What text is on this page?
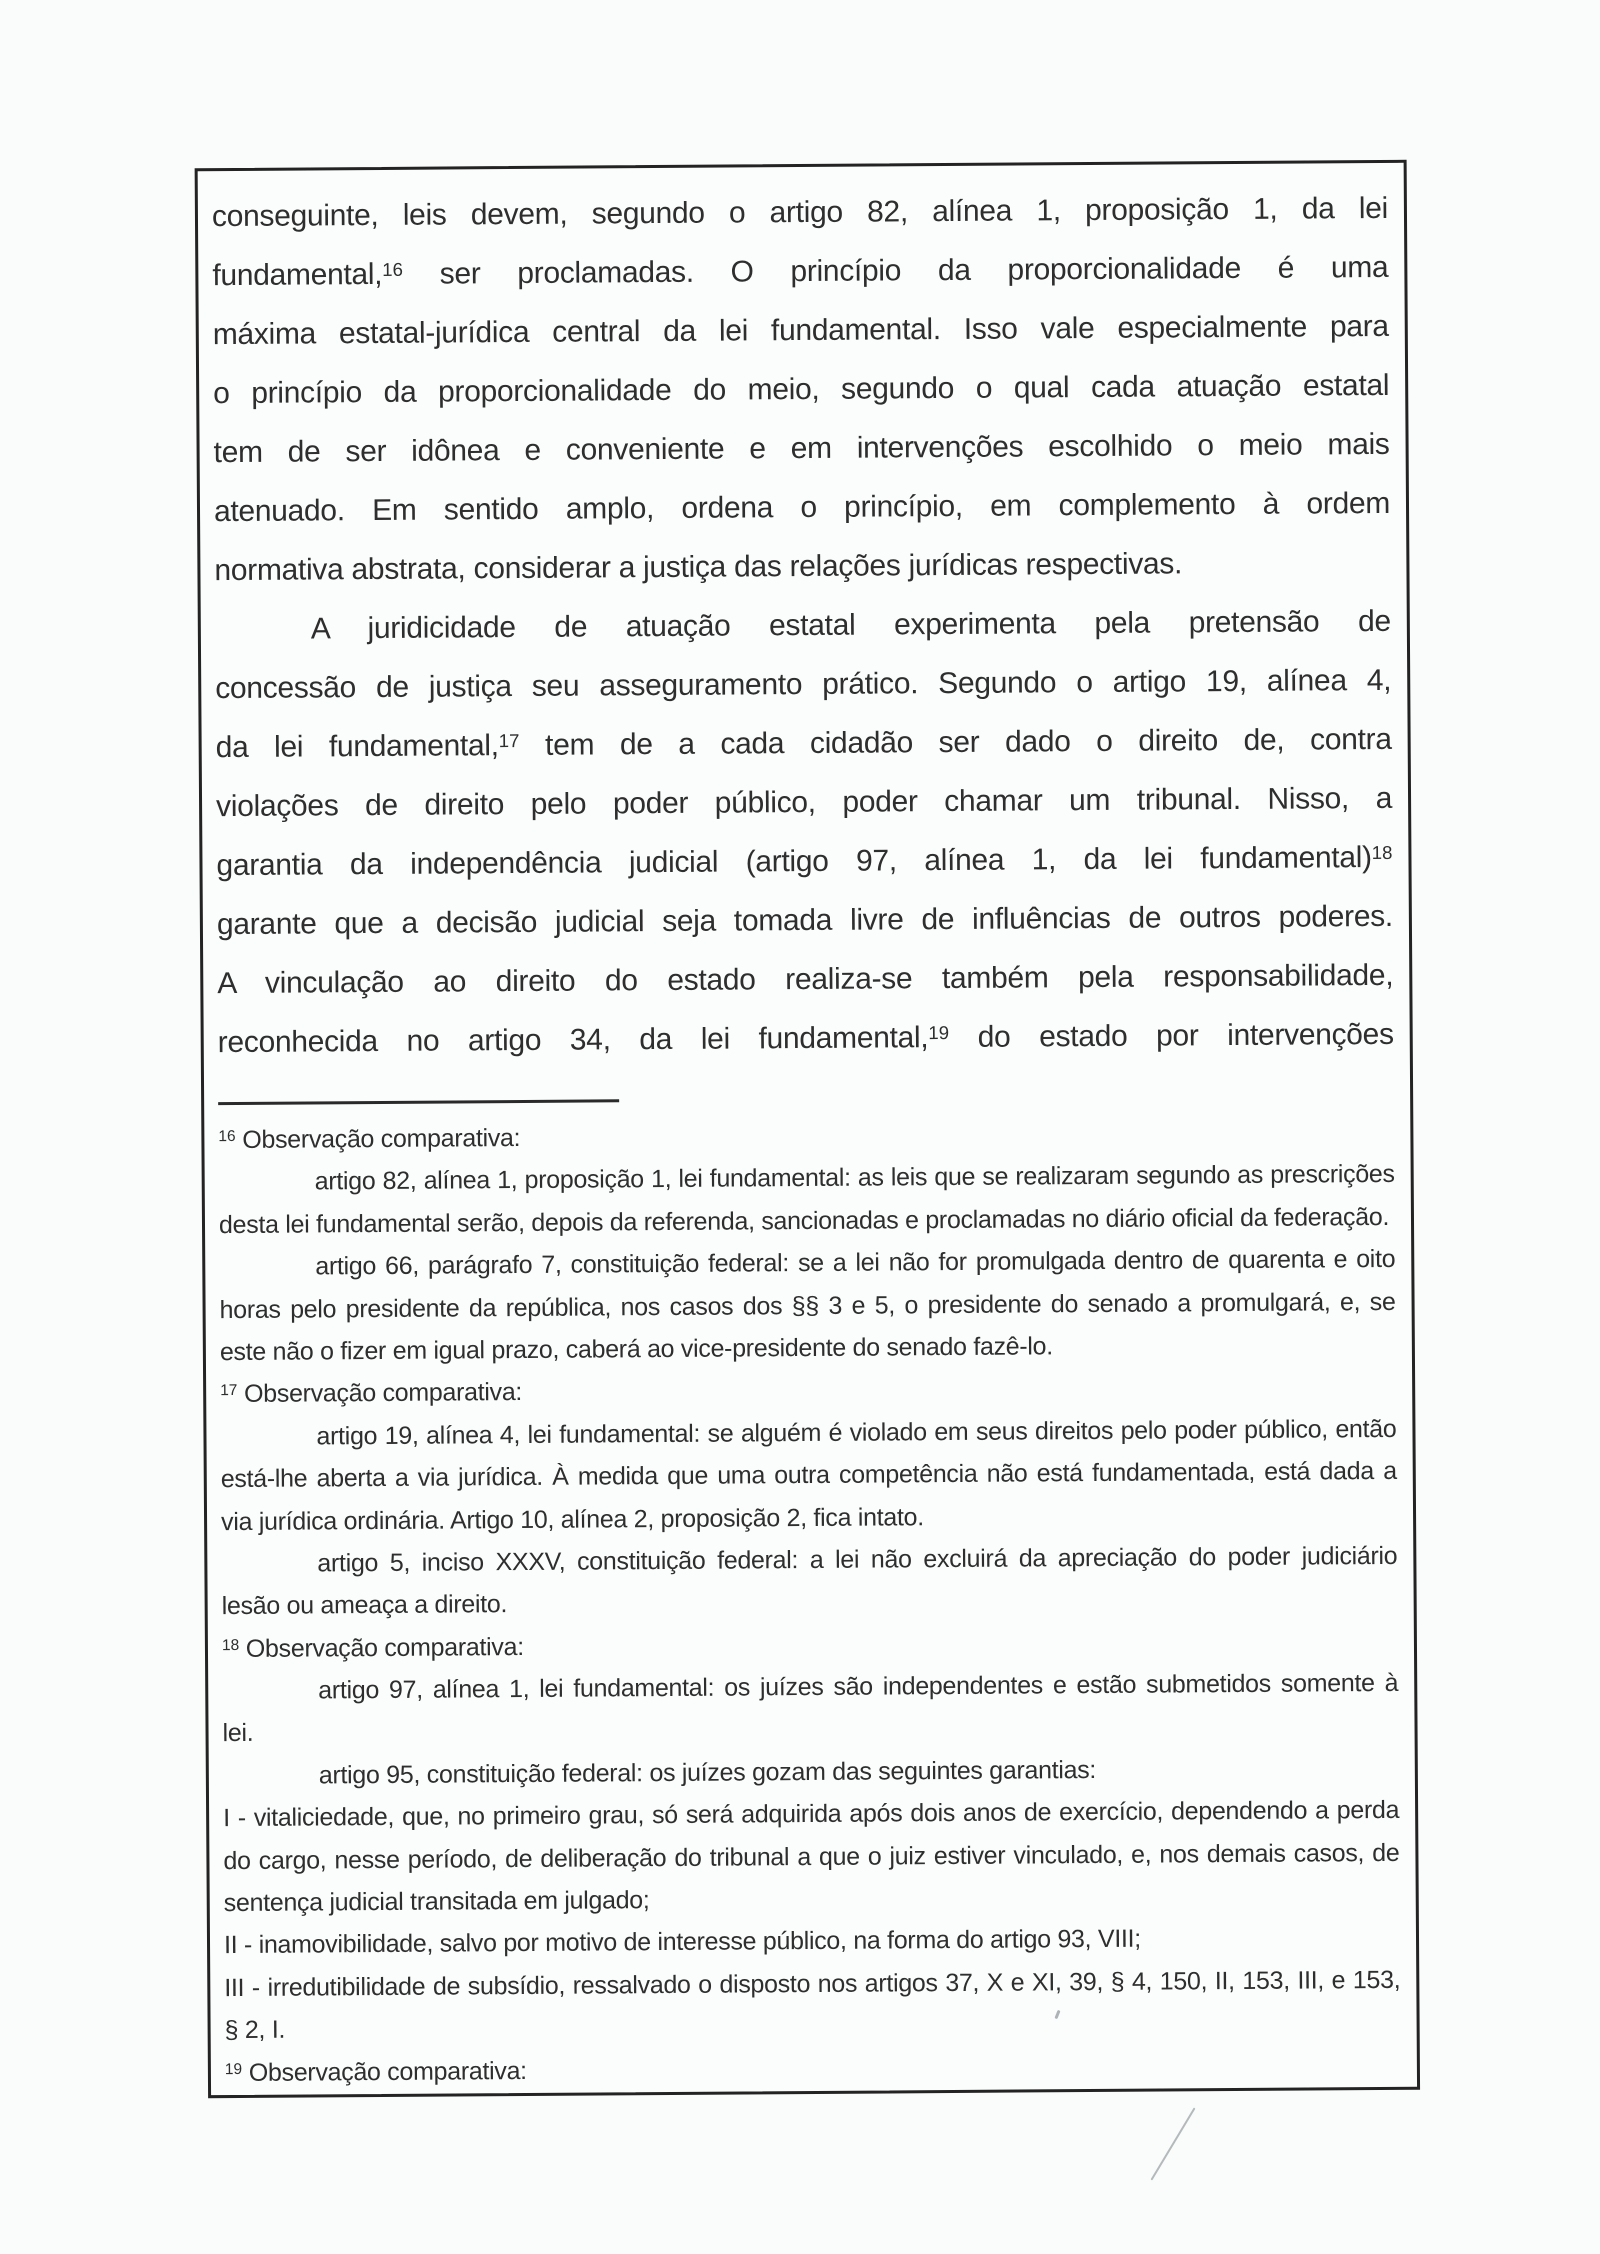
conseguinte, leis devem, segundo o artigo 82, alínea 1, proposição 1, da lei
fundamental,$^{16}$ ser proclamadas. O princípio da proporcionalidade é uma
máxima estatal-jurídica central da lei fundamental. Isso vale especialmente para
o princípio da proporcionalidade do meio, segundo o qual cada atuação estatal
tem de ser idônea e conveniente e em intervenções escolhido o meio mais
atenuado. Em sentido amplo, ordena o princípio, em complemento à ordem
normativa abstrata, considerar a justiça das relações jurídicas respectivas.
A juridicidade de atuação estatal experimenta pela pretensão de
concessão de justiça seu asseguramento prático. Segundo o artigo 19, alínea 4,
da lei fundamental,$^{17}$ tem de a cada cidadão ser dado o direito de, contra
violações de direito pelo poder público, poder chamar um tribunal. Nisso, a
garantia da independência judicial (artigo 97, alínea 1, da lei fundamental)$^{18}$
garante que a decisão judicial seja tomada livre de influências de outros poderes.
A vinculação ao direito do estado realiza-se também pela responsabilidade,
reconhecida no artigo 34, da lei fundamental,$^{19}$ do estado por intervenções
$^{16}$ Observação comparativa:
artigo 82, alínea 1, proposição 1, lei fundamental: as leis que se realizaram segundo as prescrições
desta lei fundamental serão, depois da referenda, sancionadas e proclamadas no diário oficial da federação.
artigo 66, parágrafo 7, constituição federal: se a lei não for promulgada dentro de quarenta e oito
horas pelo presidente da república, nos casos dos §§ 3 e 5, o presidente do senado a promulgará, e, se
este não o fizer em igual prazo, caberá ao vice-presidente do senado fazê-lo.
$^{17}$ Observação comparativa:
artigo 19, alínea 4, lei fundamental: se alguém é violado em seus direitos pelo poder público, então
está-lhe aberta a via jurídica. À medida que uma outra competência não está fundamentada, está dada a
via jurídica ordinária. Artigo 10, alínea 2, proposição 2, fica intato.
artigo 5, inciso XXXV, constituição federal: a lei não excluirá da apreciação do poder judiciário
lesão ou ameaça a direito.
$^{18}$ Observação comparativa:
artigo 97, alínea 1, lei fundamental: os juízes são independentes e estão submetidos somente à
lei.
artigo 95, constituição federal: os juízes gozam das seguintes garantias:
I - vitaliciedade, que, no primeiro grau, só será adquirida após dois anos de exercício, dependendo a perda
do cargo, nesse período, de deliberação do tribunal a que o juiz estiver vinculado, e, nos demais casos, de
sentença judicial transitada em julgado;
II - inamovibilidade, salvo por motivo de interesse público, na forma do artigo 93, VIII;
III - irredutibilidade de subsídio, ressalvado o disposto nos artigos 37, X e XI, 39, § 4, 150, II, 153, III, e 153,
§ 2, I.
$^{19}$ Observação comparativa:
